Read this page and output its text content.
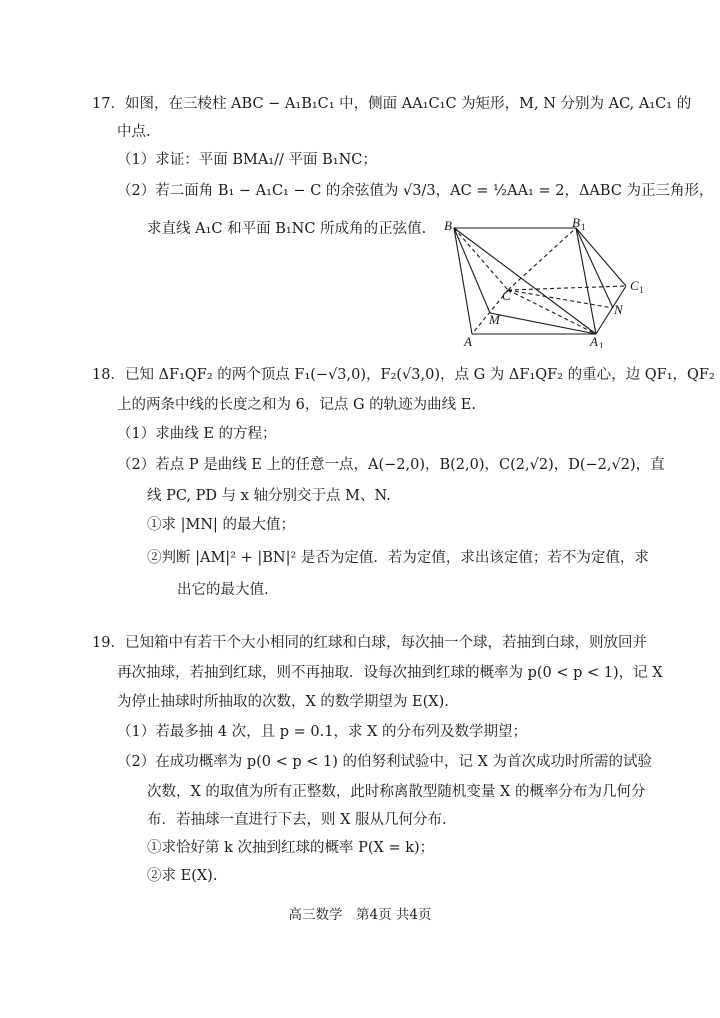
17．如图，在三棱柱 ABC − A₁B₁C₁ 中，侧面 AA₁C₁C 为矩形，M, N 分别为 AC, A₁C₁ 的
中点.
（1）求证：平面 BMA₁// 平面 B₁NC；
（2）若二面角 B₁ − A₁C₁ − C 的余弦值为 √3/3，AC = ½AA₁ = 2，ΔABC 为正三角形，
求直线 A₁C 和平面 B₁NC 所成角的正弦值. B	B 1
C
C 1
M
N
A	A 1
18．已知 ΔF₁QF₂ 的两个顶点 F₁(−√3,0)，F₂(√3,0)，点 G 为 ΔF₁QF₂ 的重心，边 QF₁，QF₂
上的两条中线的长度之和为 6，记点 G 的轨迹为曲线 E.
（1）求曲线 E 的方程；
（2）若点 P 是曲线 E 上的任意一点，A(−2,0)，B(2,0)，C(2,√2)，D(−2,√2)，直
线 PC, PD 与 x 轴分别交于点 M、N.
①求 |MN| 的最大值；
②判断 |AM|² + |BN|² 是否为定值．若为定值，求出该定值；若不为定值，求
出它的最大值.
19．已知箱中有若干个大小相同的红球和白球，每次抽一个球，若抽到白球，则放回并
再次抽球，若抽到红球，则不再抽取．设每次抽到红球的概率为 p(0 < p < 1)，记 X
为停止抽球时所抽取的次数，X 的数学期望为 E(X).
（1）若最多抽 4 次，且 p = 0.1，求 X 的分布列及数学期望；
（2）在成功概率为 p(0 < p < 1) 的伯努利试验中，记 X 为首次成功时所需的试验
次数，X 的取值为所有正整数，此时称离散型随机变量 X 的概率分布为几何分
布．若抽球一直进行下去，则 X 服从几何分布.
①求恰好第 k 次抽到红球的概率 P(X = k)；
②求 E(X).
高三数学　第4页 共4页
